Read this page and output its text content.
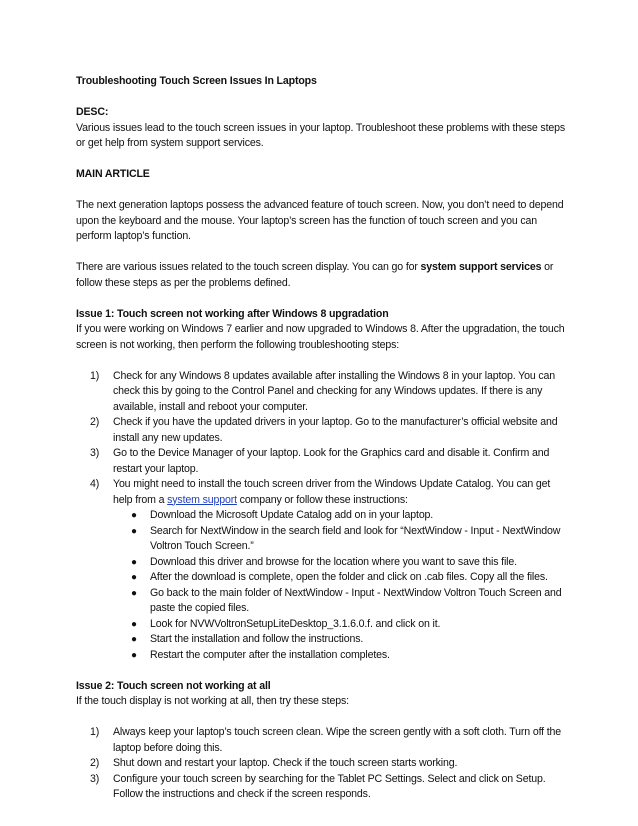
Troubleshooting Touch Screen Issues In Laptops

DESC:

Various issues lead to the touch screen issues in your laptop. Troubleshoot these problems with these steps or get help from system support services.

MAIN ARTICLE

The next generation laptops possess the advanced feature of touch screen. Now, you don’t need to depend upon the keyboard and the mouse. Your laptop’s screen has the function of touch screen and you can perform laptop’s function.

There are various issues related to the touch screen display. You can go for system support services or follow these steps as per the problems defined.

Issue 1: Touch screen not working after Windows 8 upgradation

If you were working on Windows 7 earlier and now upgraded to Windows 8. After the upgradation, the touch screen is not working, then perform the following troubleshooting steps:

1) Check for any Windows 8 updates available after installing the Windows 8 in your laptop. You can check this by going to the Control Panel and checking for any Windows updates. If there is any available, install and reboot your computer.
2) Check if you have the updated drivers in your laptop. Go to the manufacturer’s official website and install any new updates.
3) Go to the Device Manager of your laptop. Look for the Graphics card and disable it. Confirm and restart your laptop.
4) You might need to install the touch screen driver from the Windows Update Catalog. You can get help from a system support company or follow these instructions:
● Download the Microsoft Update Catalog add on in your laptop.
● Search for NextWindow in the search field and look for “NextWindow - Input - NextWindow Voltron Touch Screen.”
● Download this driver and browse for the location where you want to save this file.
● After the download is complete, open the folder and click on .cab files. Copy all the files.
● Go back to the main folder of NextWindow - Input - NextWindow Voltron Touch Screen and paste the copied files.
● Look for NVWVoltronSetupLiteDesktop_3.1.6.0.f. and click on it.
● Start the installation and follow the instructions.
● Restart the computer after the installation completes.

Issue 2: Touch screen not working at all

If the touch display is not working at all, then try these steps:

1) Always keep your laptop’s touch screen clean. Wipe the screen gently with a soft cloth. Turn off the laptop before doing this.
2) Shut down and restart your laptop. Check if the touch screen starts working.
3) Configure your touch screen by searching for the Tablet PC Settings. Select and click on Setup. Follow the instructions and check if the screen responds.
